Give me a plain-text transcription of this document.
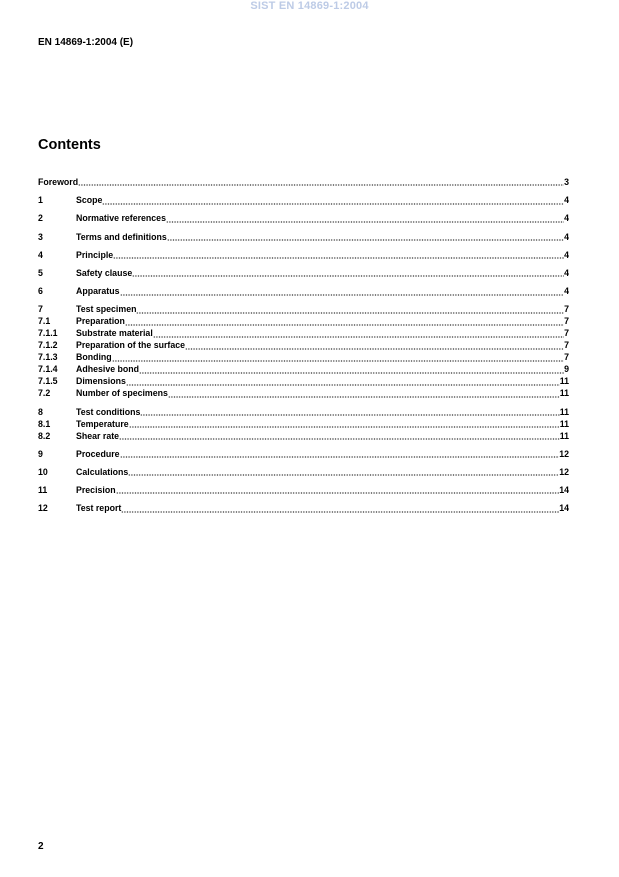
SIST EN 14869-1:2004
EN 14869-1:2004 (E)
Contents
Foreword	3
1	Scope	4
2	Normative references	4
3	Terms and definitions	4
4	Principle	4
5	Safety clause	4
6	Apparatus	4
7	Test specimen	7
7.1	Preparation	7
7.1.1	Substrate material	7
7.1.2	Preparation of the surface	7
7.1.3	Bonding	7
7.1.4	Adhesive bond	9
7.1.5	Dimensions	11
7.2	Number of specimens	11
8	Test conditions	11
8.1	Temperature	11
8.2	Shear rate	11
9	Procedure	12
10	Calculations	12
11	Precision	14
12	Test report	14
2
